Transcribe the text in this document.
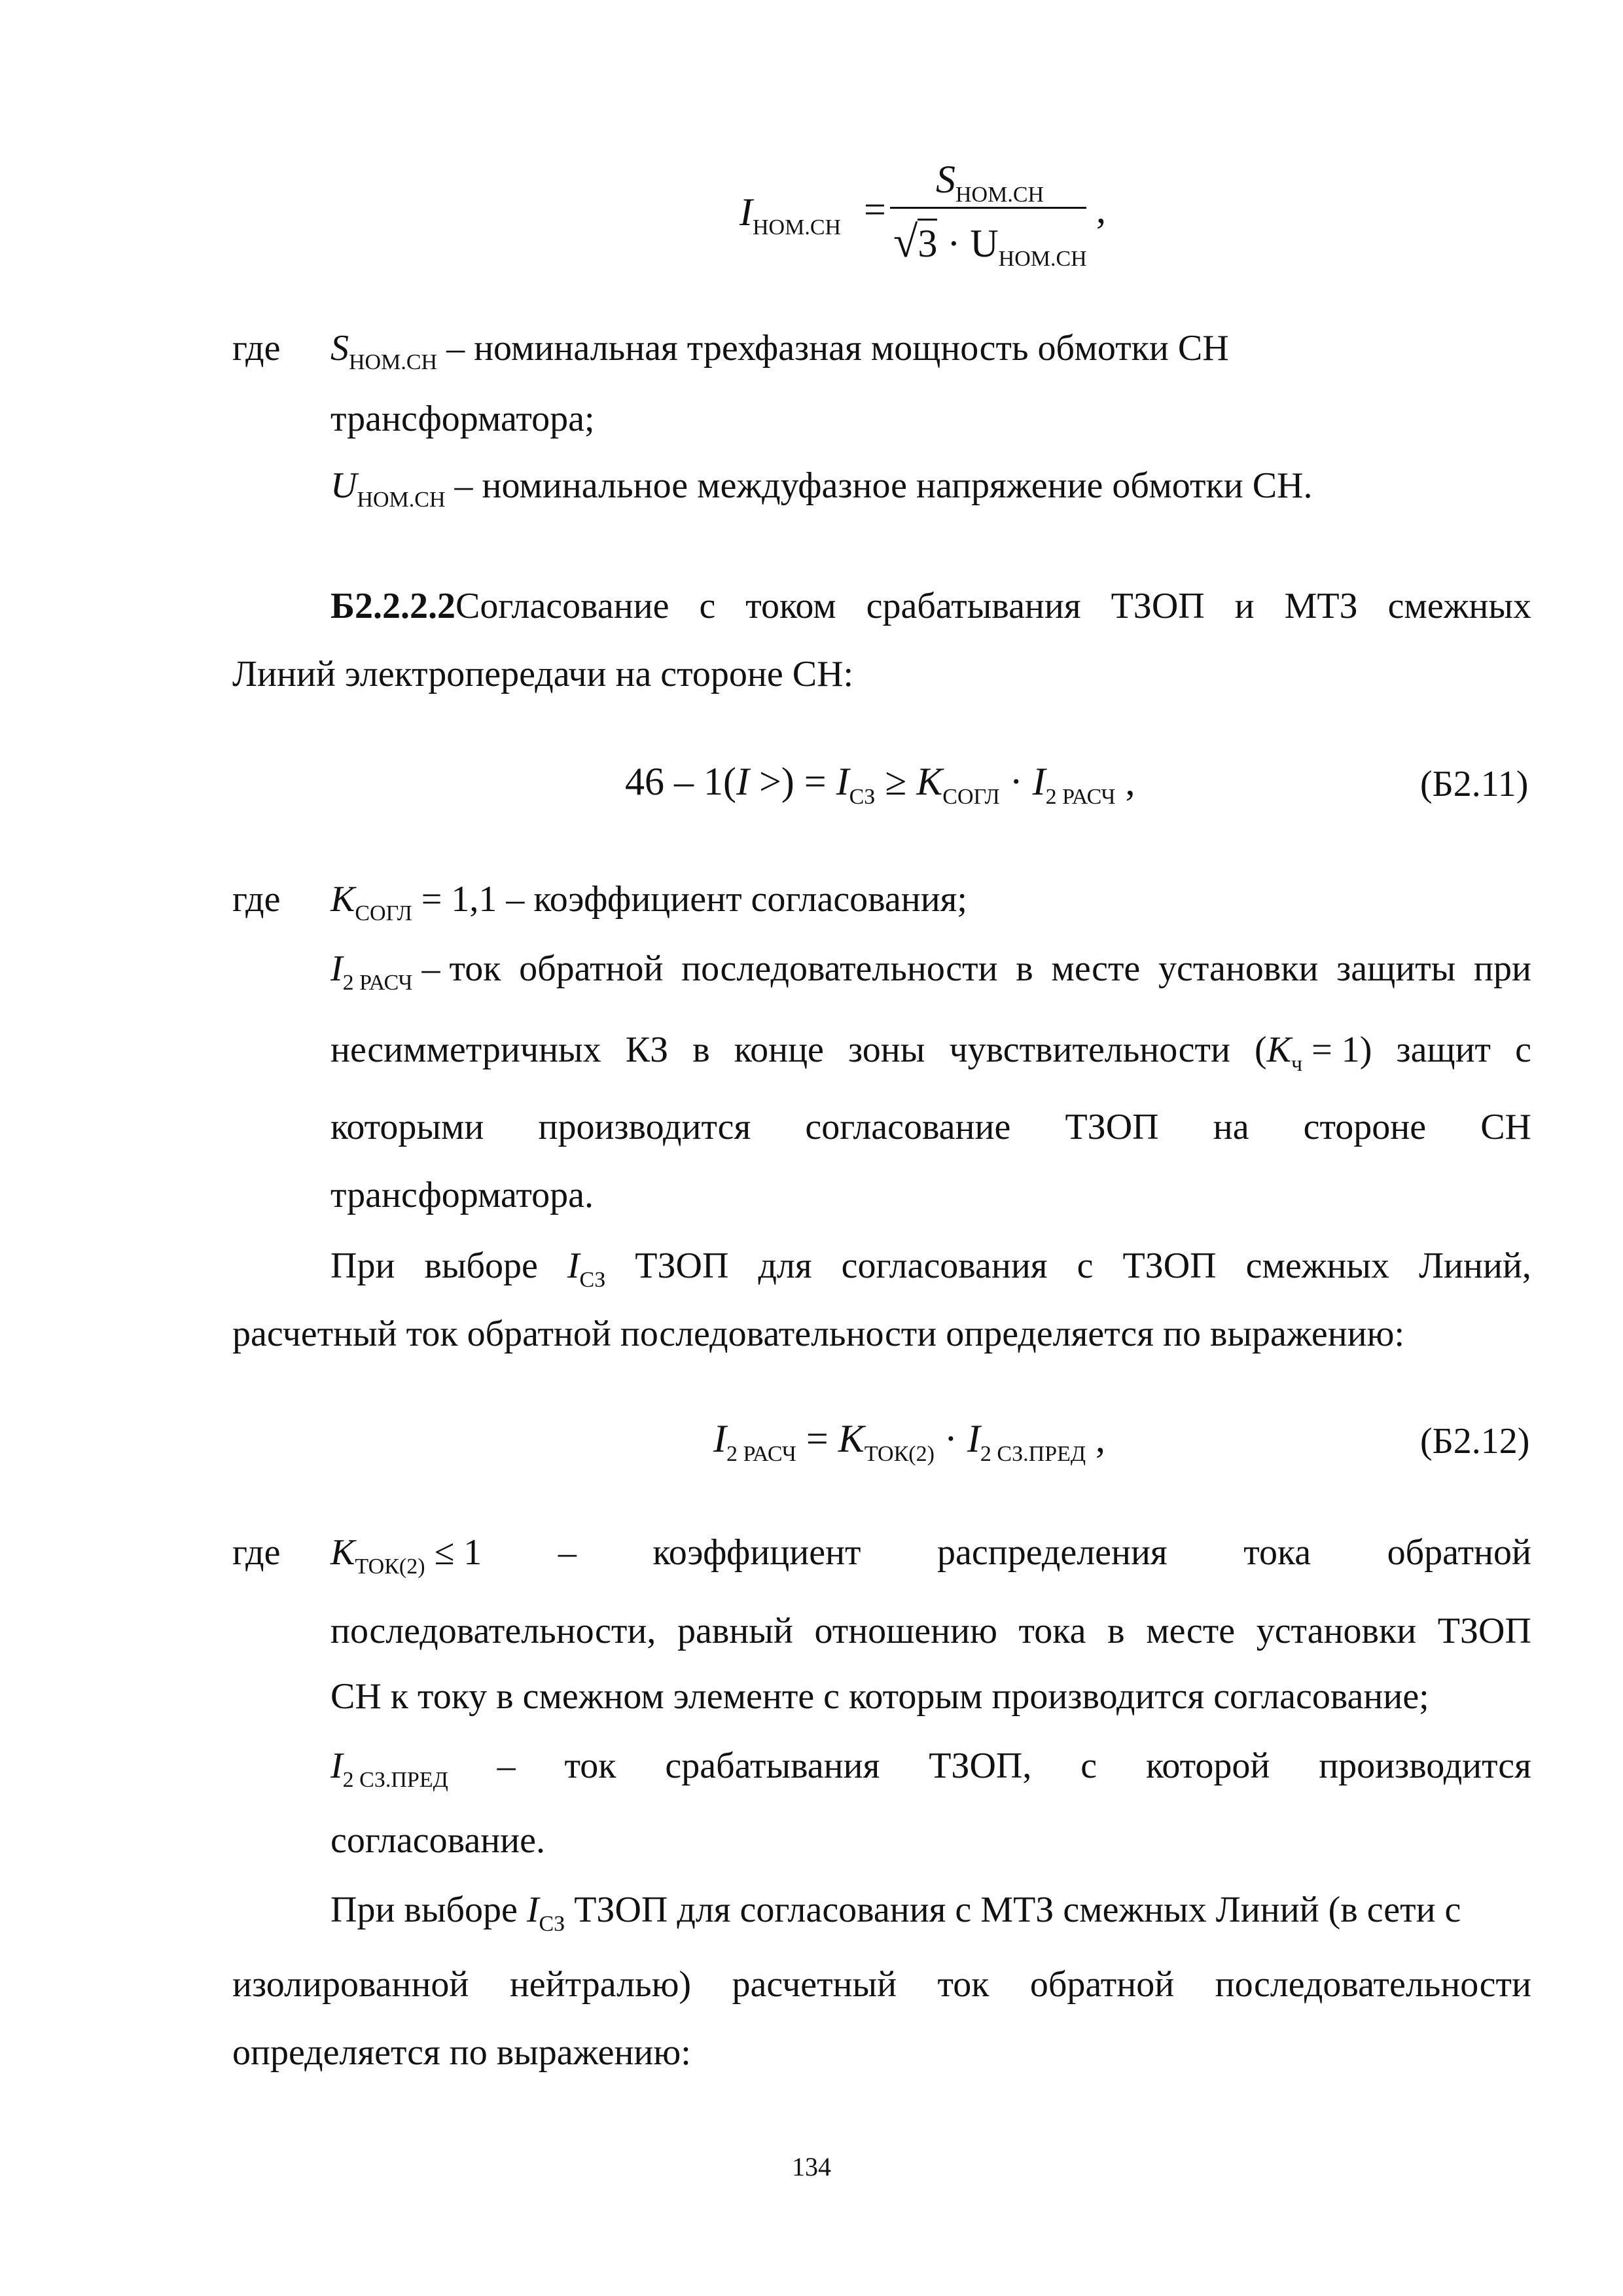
$I_{НОМ.СН}$ =
$S_{НОМ.СН}$
$√3 \cdot U_{НОМ.СН}$
,
где $S_{НОМ.СН}$ – номинальная трехфазная мощность обмотки СН
трансформатора;
$U_{НОМ.СН}$ – номинальное междуфазное напряжение обмотки СН.
Б2.2.2.2Согласование с током срабатывания ТЗОП и МТЗ смежных
Линий электропередачи на стороне СН:
46 – 1(I >) = $I_{СЗ} \ge K_{СОГЛ} \cdot I_{2 РАСЧ}$ ,	(Б2.11)
где $K_{СОГЛ} = 1,1$ – коэффициент согласования;
$I_{2 РАСЧ}$ – ток обратной последовательности в месте установки защиты при
несимметричных КЗ в конце зоны чувствительности $(K_ч = 1)$ защит с
которыми производится согласование ТЗОП на стороне СН
трансформатора.
При выборе $I_{СЗ}$ ТЗОП для согласования с ТЗОП смежных Линий,
расчетный ток обратной последовательности определяется по выражению:
$I_{2 РАСЧ} = K_{ТОК(2)} \cdot I_{2 СЗ.ПРЕД}$ ,	(Б2.12)
где $K_{ТОК(2)} \le 1$ – коэффициент распределения тока обратной
последовательности, равный отношению тока в месте установки ТЗОП
СН к току в смежном элементе с которым производится согласование;
$I_{2 СЗ.ПРЕД}$ – ток срабатывания ТЗОП, с которой производится
согласование.
При выборе $I_{СЗ}$ ТЗОП для согласования с МТЗ смежных Линий (в сети с
изолированной нейтралью) расчетный ток обратной последовательности
определяется по выражению:
134
